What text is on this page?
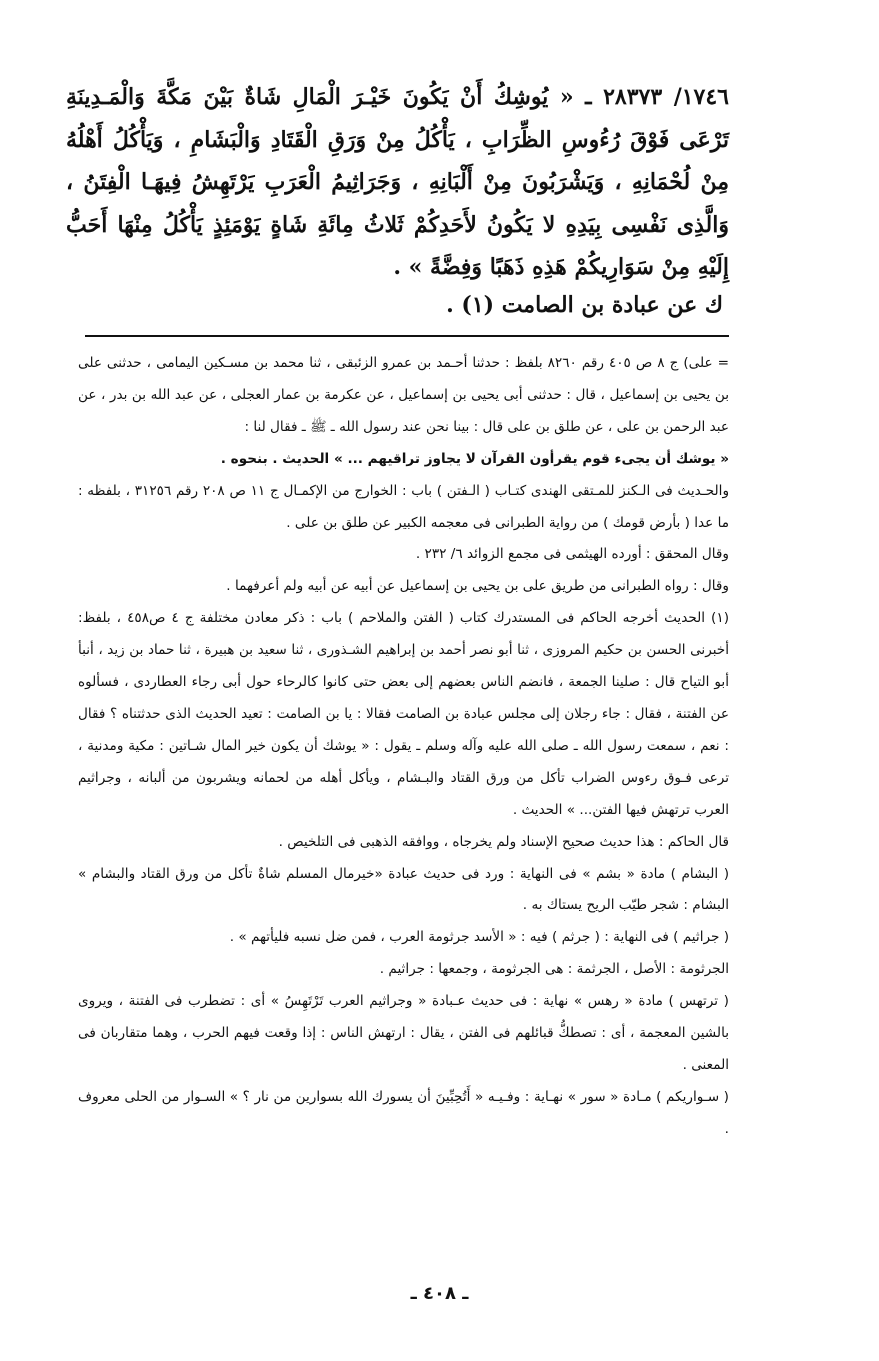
١٧٤٦/ ٢٨٣٧٣ ـ « يُوشِكُ أَنْ يَكُونَ خَيْـرَ الْمَالِ شَاةٌ بَيْنَ مَكَّةَ وَالْمَـدِينَةِ تَرْعَى فَوْقَ رُءُوسِ الظِّرَابِ ، يَأْكُلُ مِنْ وَرَقِ الْقَتَادِ وَالْبَشَامِ ، وَيَأْكُلُ أَهْلُهُ مِنْ لُحْمَانِهِ ، وَيَشْرَبُونَ مِنْ أَلْبَانِهِ ، وَجَرَاثِيمُ الْعَرَبِ يَرْتَهِشُ فِيهَـا الْفِتَنُ ، وَالَّذِى نَفْسِى بِيَدِهِ لا يَكُونُ لأَحَدِكُمْ ثَلاثُ مِائَةِ شَاةٍ يَوْمَئِذٍ يَأْكُلُ مِنْهَا أَحَبُّ إِلَيْهِ مِنْ سَوَارِيكُمْ هَذِهِ ذَهَبًا وَفِضَّةً » .

ك عن عبادة بن الصامت (١) .

= على) ج ٨ ص ٤٠٥ رقم ٨٢٦٠ بلفظ : حدثنا أحـمد بن عمرو الزئبقى ، ثنا محمد بن مسـكين اليمامى ، حدثنى على بن يحيى بن إسماعيل ، قال : حدثنى أبى يحيى بن إسماعيل ، عن عكرمة بن عمار العجلى ، عن عبد الله بن بدر ، عن عبد الرحمن بن على ، عن طلق بن على قال : بينا نحن عند رسول الله ـ ﷺ ـ فقال لنا :

« يوشك أن يجىء قوم يقرأون القرآن لا يجاوز تراقيهم ... » الحديث . بنحوه .

والحـديث فى الـكنز للمـتقى الهندى كتـاب ( الـفتن ) باب : الخوارج من الإكمـال ج ١١ ص ٢٠٨ رقم ٣١٢٥٦ ، بلفظه : ما عدا ( بأرض قومك ) من رواية الطبرانى فى معجمه الكبير عن طلق بن على .

وقال المحقق : أورده الهيثمى فى مجمع الزوائد ٦/ ٢٣٢ .

وقال : رواه الطبرانى من طريق على بن يحيى بن إسماعيل عن أبيه عن أبيه ولم أعرفهما .

(١) الحديث أخرجه الحاكم فى المستدرك كتاب ( الفتن والملاحم ) باب : ذكر معادن مختلفة ج ٤ ص٤٥٨ ، بلفظ: أخبرنى الحسن بن حكيم المروزى ، ثنا أبو نصر أحمد بن إبراهيم الشـذورى ، ثنا سعيد بن هبيرة ، ثنا حماد بن زيد ، أنبأ أبو التياح قال : صلينا الجمعة ، فانضم الناس بعضهم إلى بعض حتى كانوا كالرحاء حول أبى رجاء العطاردى ، فسألوه عن الفتنة ، فقال : جاء رجلان إلى مجلس عبادة بن الصامت فقالا : يا بن الصامت : تعيد الحديث الذى حدثتناه ؟ فقال : نعم ، سمعت رسول الله ـ صلى الله عليه وآله وسلم ـ يقول : « يوشك أن يكون خير المال شـاتين : مكية ومدنية ، ترعى فـوق رءوس الضراب تأكل من ورق القتاد والبـشام ، ويأكل أهله من لحمانه ويشربون من ألبانه ، وجراثيم العرب ترتهش فيها الفتن... » الحديث .

قال الحاكم : هذا حديث صحيح الإسناد ولم يخرجاه ، ووافقه الذهبى فى التلخيص .

( البشام ) مادة « بشم » فى النهاية : ورد فى حديث عبادة «خيرمال المسلم شاةٌ تأكل من ورق القتاد والبشام » البشام : شجر طيّب الريح يستاك به .

( جراثيم ) فى النهاية : ( جرثم ) فيه : « الأسد جرثومة العرب ، فمن ضل نسبه فليأتهم » .

الجرثومة : الأصل ، الجرثمة : هى الجرثومة ، وجمعها : جراثيم .

( ترتهس ) مادة « رهس » نهاية : فى حديث عـبادة « وجراثيم العرب تَرْتَهِسُ » أى : تضطرب فى الفتنة ، ويروى بالشين المعجمة ، أى : تصطكُّ قبائلهم فى الفتن ، يقال : ارتهش الناس : إذا وقعت فيهم الحرب ، وهما متقاربان فى المعنى .

( سـواريكم ) مـادة « سور » نهـاية : وفـيـه « أَتُحِبِّينَ أن يسورك الله بسوارين من نار ؟ » السـوار من الحلى معروف .

ـ ٤٠٨ ـ
